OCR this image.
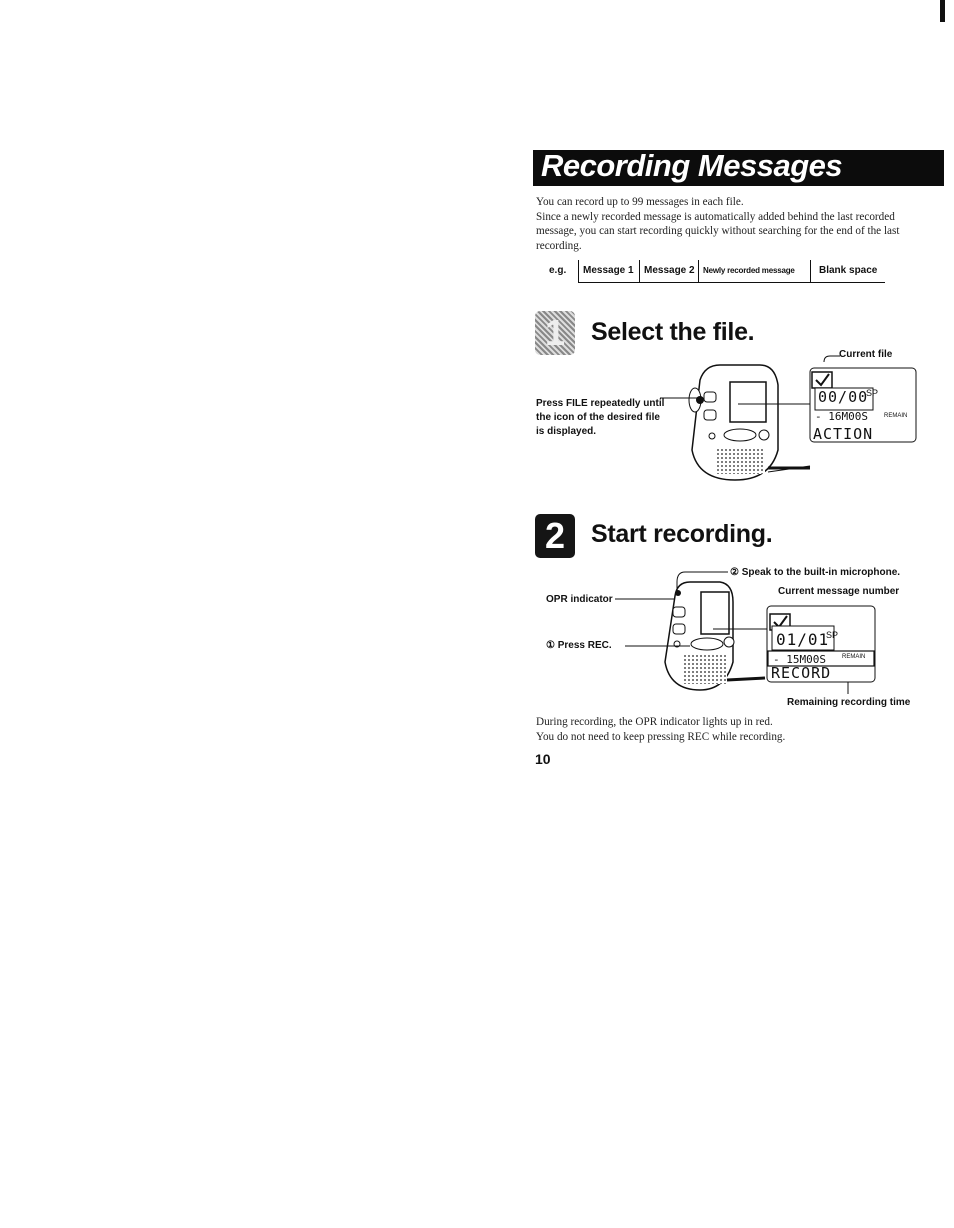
Recording Messages

You can record up to 99 messages in each file.

Since a newly recorded message is automatically added behind the last recorded message, you can start recording quickly without searching for the end of the last recording.

e.g.	Message 1	Message 2	Newly recorded message	Blank space
1	Select the file.
Press FILE repeatedly until
the icon of the desired file
is displayed.
Current file
00/00
SP
- 16M00S	REMAIN
ACTION
2	Start recording.
② Speak to the built-in microphone.
OPR indicator
① Press REC.
Current message number
Remaining recording time
01/01
SP
- 15M00S	REMAIN
RECORD

During recording, the OPR indicator lights up in red.

You do not need to keep pressing REC while recording.

10
